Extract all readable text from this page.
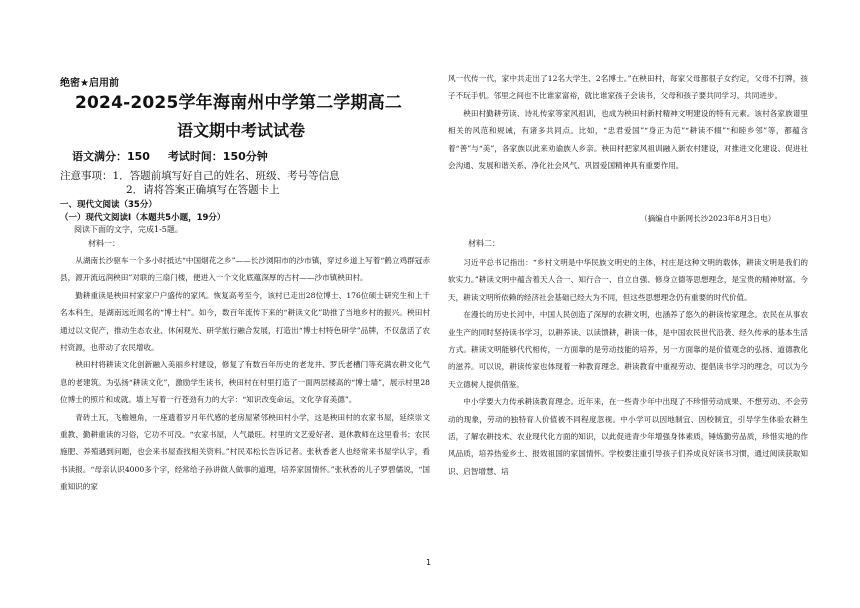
绝密★启用前
2024-2025学年海南州中学第二学期高二
语文期中考试试卷
语文满分：150 考试时间：150分钟
注意事项：1．答题前填写好自己的姓名、班级、考号等信息
2．请将答案正确填写在答题卡上
一、现代文阅读（35分）
（一）现代文阅读Ⅰ（本题共5小题，19分）
阅读下面的文字，完成1-5题。
材料一：

从湖南长沙驱车一个多小时抵达“中国烟花之乡”——长沙浏阳市的沙市镇，穿过乡道上写着“鹤立鸡群冠赤县，源开流远润秧田”对联的三扇门楼，便进入一个文化底蕴深厚的古村——沙市镇秧田村。

勤耕重读是秧田村家家户户盛传的家风。恢复高考至今，该村已走出28位博士、176位硕士研究生和上千名本科生，是湖南远近闻名的“博士村”。如今，数百年流传下来的“耕读文化”助推了当地乡村的振兴。秧田村通过以文促产，推动生态农业、休闲观光、研学旅行融合发展，打造出“博士村特色研学”品牌，不仅盘活了农村资源，也带动了农民增收。

秧田村将耕读文化创新融入美丽乡村建设，修复了有数百年历史的老龙井、罗氏老槽门等充满农耕文化气息的老建筑。为弘扬“耕读文化”，激励学生读书，秧田村在村里打造了一面两层楼高的“博士墙”，展示村里28位博士的照片和成就。墙上写着一行苍劲有力的大字：“知识改变命运，文化孕育美德”。

青砖土瓦，飞檐翘角，一座遗着岁月年代感的老房屋紧邻秧田村小学，这是秧田村的农家书屋，延续崇文重教、勤耕重读的习俗，它功不可没。“农家书屋，人气最旺。村里的文艺爱好者、退休教师在这里看书；农民施肥、养殖遇到问题，也会来书屋查找相关资料。”村民邓松长告诉记者。张秋香老人也经常来书屋学认字，看书读报。“母亲认识4000多个字，经常给子孙讲做人做事的道理，培养家国情怀。”张秋香的儿子罗碧儒说，“国重知识的家

风一代传一代，家中共走出了12名大学生、2名博士。”在秧田村，每家父母都很子女约定，父母不打牌，孩子不玩手机。邻里之间也不比谁家富裕，就比谁家孩子会读书，父母和孩子要共同学习、共同进步。

秧田村勤耕劳读、诗礼传家等家风祖训，也成为秧田村新村精神文明建设的特有元素。该村各家族谱里相关的风范和规诫，有诸多共同点。比如，“忠君爱国”“身正为范”“耕读不辍”“和睦乡邻”等，都蕴含着“善”与“美”，各家族以此来劝谕族人乡亲。秧田村把家风祖训融入新农村建设，对推进文化建设、促进社会沟通、发展和谐关系、净化社会风气、巩固爱国精神具有重要作用。

（摘编自中新网长沙2023年8月3日电）
材料二：

习近平总书记指出：“乡村文明是中华民族文明史的主体，村庄是这种文明的载体，耕读文明是我们的软实力。”耕读文明中蕴含着天人合一、知行合一、自立自强、修身立德等思想理念，是宝贵的精神财富。今天，耕读文明所依赖的经济社会基础已经大为不同，但这些思想理念仍有重要的时代价值。

在漫长的历史长河中，中国人民创造了深厚的农耕文明，也涵养了悠久的耕读传家理念。农民在从事农业生产的同时坚持读书学习，以耕养读、以读馈耕，耕读一体，是中国农民世代沿袭、经久传承的基本生活方式。耕读文明能够代代相传，一方面靠的是劳动技能的培养，另一方面靠的是价值观念的弘扬、道德教化的滋养。可以说，耕读传家也体现着一种教育理念。耕读教育中重视劳动、提倡读书学习的理念，可以为今天立德树人提供借鉴。

中小学要大力传承耕读教育理念。近年来，在一些青少年中出现了不珍惜劳动成果、不想劳动、不会劳动的现象，劳动的独特育人价值被不同程度忽视。中小学可以因地制宜、因校制宜，引导学生体验农耕生活，了解农耕技术、农业现代化方面的知识，以此促进青少年增强身体素质，锤炼勤劳品质，珍惜实地的作风品质，培养热爱乡土、报效祖国的家国情怀。学校要注重引导孩子们养成良好读书习惯，通过阅读获取知识、启智增慧、培

1
